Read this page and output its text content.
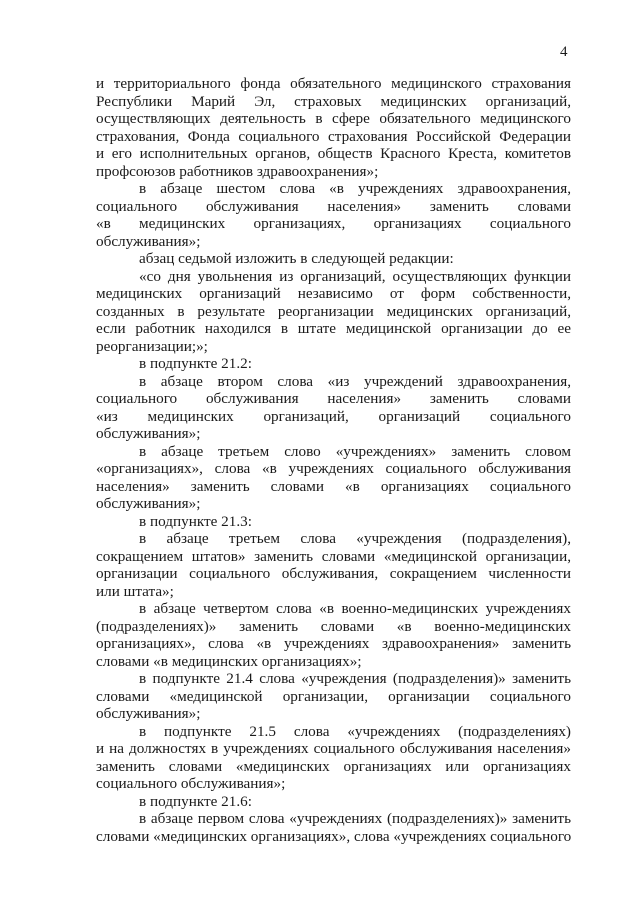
4
и территориального фонда обязательного медицинского страхования
Республики Марий Эл, страховых медицинских организаций,
осуществляющих деятельность в сфере обязательного медицинского
страхования, Фонда социального страхования Российской Федерации
и его исполнительных органов, обществ Красного Креста, комитетов
профсоюзов работников здравоохранения»;
в абзаце шестом слова «в учреждениях здравоохранения,
социального обслуживания населения» заменить словами
«в медицинских организациях, организациях социального
обслуживания»;
абзац седьмой изложить в следующей редакции:
«со дня увольнения из организаций, осуществляющих функции
медицинских организаций независимо от форм собственности,
созданных в результате реорганизации медицинских организаций,
если работник находился в штате медицинской организации до ее
реорганизации;»;
в подпункте 21.2:
в абзаце втором слова «из учреждений здравоохранения,
социального обслуживания населения» заменить словами
«из медицинских организаций, организаций социального
обслуживания»;
в абзаце третьем слово «учреждениях» заменить словом
«организациях», слова «в учреждениях социального обслуживания
населения» заменить словами «в организациях социального
обслуживания»;
в подпункте 21.3:
в абзаце третьем слова «учреждения (подразделения),
сокращением штатов» заменить словами «медицинской организации,
организации социального обслуживания, сокращением численности
или штата»;
в абзаце четвертом слова «в военно-медицинских учреждениях
(подразделениях)» заменить словами «в военно-медицинских
организациях», слова «в учреждениях здравоохранения» заменить
словами «в медицинских организациях»;
в подпункте 21.4 слова «учреждения (подразделения)» заменить
словами «медицинской организации, организации социального
обслуживания»;
в подпункте 21.5 слова «учреждениях (подразделениях)
и на должностях в учреждениях социального обслуживания населения»
заменить словами «медицинских организациях или организациях
социального обслуживания»;
в подпункте 21.6:
в абзаце первом слова «учреждениях (подразделениях)» заменить
словами «медицинских организациях», слова «учреждениях социального
